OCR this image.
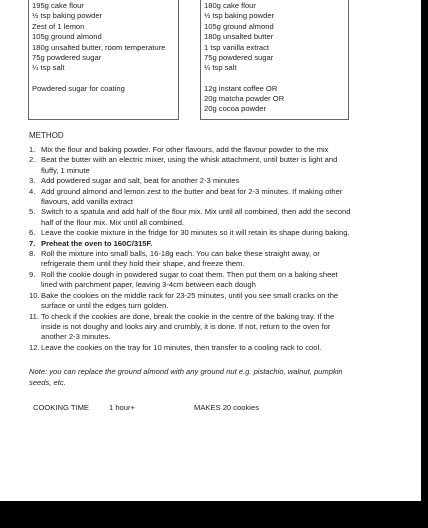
195g cake flour
½ tsp baking powder
Zest of 1 lemon
105g ground almond
180g unsalted butter, room temperature
75g powdered sugar
¼ tsp salt
Powdered sugar for coating
180g cake flour
½ tsp baking powder
105g ground almond
180g unsalted butter
1 tsp vanilla extract
75g powdered sugar
¼ tsp salt
12g instant coffee OR
20g matcha powder OR
20g cocoa powder
METHOD
1. Mix the flour and baking powder. For other flavours, add the flavour powder to the mix
2. Beat the butter with an electric mixer, using the whisk attachment, until butter is light and fluffy, 1 minute
3. Add powdered sugar and salt, beat for another 2-3 minutes
4. Add ground almond and lemon zest to the butter and beat for 2-3 minutes. If making other flavours, add vanilla extract
5. Switch to a spatula and add half of the flour mix. Mix until all combined, then add the second half of the flour mix. Mix until all combined.
6. Leave the cookie mixture in the fridge for 30 minutes so it will retain its shape during baking.
7. Preheat the oven to 160C/315F.
8. Roll the mixture into small balls, 16-18g each. You can bake these straight away, or refrigerate them until they hold their shape, and freeze them.
9. Roll the cookie dough in powdered sugar to coat them. Then put them on a baking sheet lined with parchment paper, leaving 3-4cm between each dough
10. Bake the cookies on the middle rack for 23-25 minutes, until you see small cracks on the surface or until the edges turn golden.
11. To check if the cookies are done, break the cookie in the centre of the baking tray. If the inside is not doughy and looks airy and crumbly, it is done. If not, return to the oven for another 2-3 minutes.
12. Leave the cookies on the tray for 10 minutes, then transfer to a cooling rack to cool.
Note: you can replace the ground almond with any ground nut e.g. pistachio, walnut, pumpkin seeds, etc.
COOKING TIME	1 hour+	MAKES 20 cookies
